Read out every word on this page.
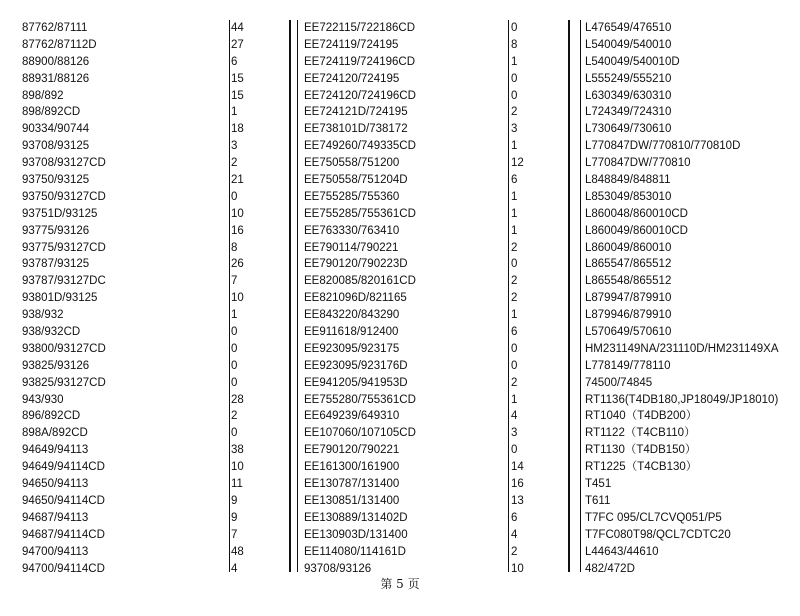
87762/87111
87762/87112D
88900/88126
88931/88126
898/892
898/892CD
90334/90744
93708/93125
93708/93127CD
93750/93125
93750/93127CD
93751D/93125
93775/93126
93775/93127CD
93787/93125
93787/93127DC
93801D/93125
938/932
938/932CD
93800/93127CD
93825/93126
93825/93127CD
943/930
896/892CD
898A/892CD
94649/94113
94649/94114CD
94650/94113
94650/94114CD
94687/94113
94687/94114CD
94700/94113
94700/94114CD
44
27
6
15
15
1
18
3
2
21
0
10
16
8
26
7
10
1
0
0
0
0
28
2
0
38
10
11
9
9
7
48
4
EE722115/722186CD
EE724119/724195
EE724119/724196CD
EE724120/724195
EE724120/724196CD
EE724121D/724195
EE738101D/738172
EE749260/749335CD
EE750558/751200
EE750558/751204D
EE755285/755360
EE755285/755361CD
EE763330/763410
EE790114/790221
EE790120/790223D
EE820085/820161CD
EE821096D/821165
EE843220/843290
EE911618/912400
EE923095/923175
EE923095/923176D
EE941205/941953D
EE755280/755361CD
EE649239/649310
EE107060/107105CD
EE790120/790221
EE161300/161900
EE130787/131400
EE130851/131400
EE130889/131402D
EE130903D/131400
EE114080/114161D
93708/93126
0
8
1
0
0
2
3
1
12
6
1
1
1
2
0
2
2
1
6
0
0
2
1
4
3
0
14
16
13
6
4
2
10
L476549/476510
L540049/540010
L540049/540010D
L555249/555210
L630349/630310
L724349/724310
L730649/730610
L770847DW/770810/770810D
L770847DW/770810
L848849/848811
L853049/853010
L860048/860010CD
L860049/860010CD
L860049/860010
L865547/865512
L865548/865512
L879947/879910
L879946/879910
L570649/570610
HM231149NA/231110D/HM231149XA
L778149/778110
74500/74845
RT1136(T4DB180,JP18049/JP18010)
RT1040（T4DB200）
RT1122（T4CB110）
RT1130（T4DB150）
RT1225（T4CB130）
T451
T611
T7FC 095/CL7CVQ051/P5
T7FC080T98/QCL7CDTC20
L44643/44610
482/472D
第 5 页
